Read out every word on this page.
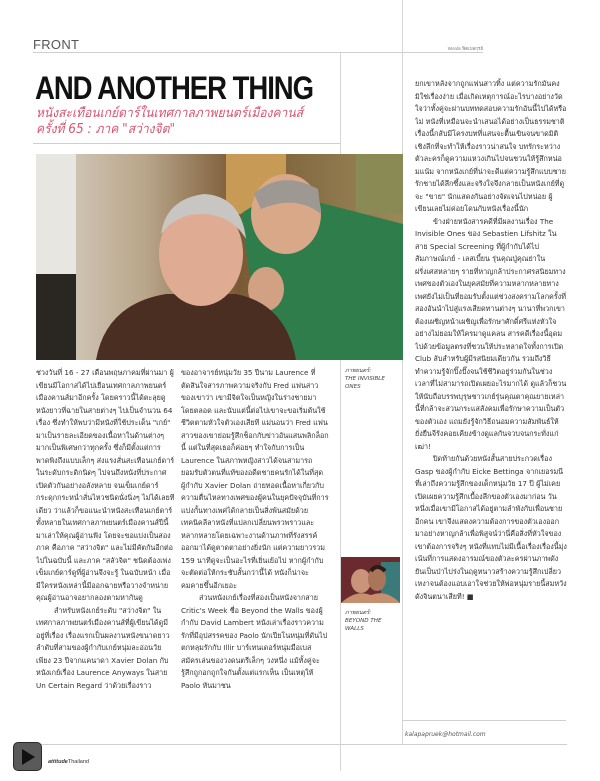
FRONT	Words ฟิตเปลกุรย์
AND ANOTHER THING
หนังสะเทือนเกย์ดาร์ในเทศกาลภาพยนตร์เมืองคานส์
ครั้งที่ 65 : ภาค "สว่างจิต"
ภาพยนตร์:
THE INVISIBLE ONES
ภาพยนตร์:
BEYOND THE WALLS

ช่วงวันที่ 16 - 27 เดือนพฤษภาคมที่ผ่านมา ผู้เขียนมีโอกาสได้ไปเยือนเทศกาลภาพยนตร์เมืองคานส์มาอีกครั้ง โดยคราวนี้ได้ตะลุยดูหนังยาวที่ฉายในสายต่างๆ ไปเป็นจำนวน 64 เรื่อง ซึ่งทำให้พบว่ามีหนังที่ใช้ประเด็น "เกย์" มาเป็นรายละเอียดของเนื้อหาในด้านต่างๆ มากเป็นพิเศษกว่าทุกครั้ง ซึ่งก็มีตั้งแต่การพาดพิงถึงแบบเล็กๆ ส่งแรงสั่นสะเทือนเกย์ดาร์ในระดับกระดิกนิดๆ ไปจนถึงหนังที่ประกาศเปิดตัวกันอย่างอลังหลาย จนเข็มเกย์ดาร์กระดุกกระหน่ำสั่นไหวชนิดนั่งนิ่งๆ ไม่ได้เลยทีเดียว ว่าแล้วก็ขอแนะนำหนังสะเทือนเกย์ดาร์ทั้งหลายในเทศกาลภาพยนตร์เมืองคานส์ปีนี้มาเล่าให้คุณผู้อ่านฟัง โดยจะขอแบ่งเป็นสองภาค คือภาค "สว่างจิต" และไม่มีคัตกันอีกต่อไปในฉบับนี้ และภาค "สลัวจิต" ชนิดต้องเพ่งเข็มเกย์ดาร์ดูที่ผู้อ่านจึงจะรู้ ในฉบับหน้า เมื่อมีใครหนังเหล่านี้มีออกฉายหรือวางจำหน่าย คุณผู้อ่านอาจอยากลองตามหากันดู

สำหรับหนังเกย์ระดับ "สว่างจิต" ในเทศกาลภาพยนตร์เมืองคานส์ที่ผู้เขียนได้ดูมีอยู่ที่เรื่อง เรื่องแรกเป็นผลงานหนังขนาดยาวลำดับที่สามของผู้กำกับเกย์หนุ่มละอ่อนวัยเพียง 23 ปีจากแคนาดา Xavier Dolan กับหนังเกย์เรื่อง Laurence Anyways ในสาย Un Certain Regard ว่าด้วยเรื่องราว

ของอาจารย์หนุ่มวัย 35 ปีนาม Laurence ที่ตัดสินใจสารภาพความจริงกับ Fred แฟนสาวของเขาว่า เขามีจิตใจเป็นหญิงในร่างชายมาโดยตลอด และนับแต่นี้ต่อไปเขาจะขอเริ่มต้นใช้ชีวิตตามหัวใจตัวเองเสียที แม่นอนว่า Fred แฟนสาวของเขาย่อมรู้สึกช็อกกับข่าวอันแสนพลิกล็อกนี้ แต่ในที่สุดเธอก็ค่อยๆ ทำใจกับการเป็น Laurence ในสภาพหญิงสาวได้จนสามารถยอมรับตัวตนที่แท้ของอดีตชายคนรักได้ในที่สุด ผู้กำกับ Xavier Dolan ถ่ายทอดเนื้อหาเกี่ยวกับความตื่นไหลทางเพศของผู้คนในยุคปัจจุบันที่การแบ่งกั้นทางเพศได้กลายเป็นสิ่งพ้นสมัยด้วยเทคนิคลีลาหนังที่แปลกเปลี่ยนพรวพราวและหลากหลายโดยเฉพาะงานด้านภาพที่รังสรรค์ออกมาได้ดูตาดตาอย่างยิ่งนัก แต่ความยาวรวม 159 นาทีดูจะเป็นอะไรที่เยิ่นเย้อไป หากผู้กำกับจะตัดต่อให้กระชับสั้นกว่านี้ได้ หนังก็น่าจะคมคายขึ้นอีกเยอะ

ส่วนหนังเกย์เรื่องที่สองเป็นหนังจากสาย Critic's Week ชื่อ Beyond the Walls ของผู้กำกับ David Lambert หนังเล่าเรื่องราวความรักที่มีอุปสรรคของ Paolo นักเปียโนหนุ่มที่ดันไปตกหลุมรักกับ Illir บาร์เทนเดอร์หนุ่มมือเบสสมัครเล่นของวงดนตรีเล็กๆ วงหนึ่ง แม้ทั้งคู่จะรู้สึกถูกอกถูกใจกันตั้งแต่แรกเห็น เป็นเหตุให้ Paolo หันมาชน

ยกเขาหลังจากถูกแฟนสาวทิ้ง แต่ความรักมันคงมิใช่เรื่องง่าย เมื่อเกิดเหตุการณ์อะไรบางอย่างวัดใจว่าทั้งคู่จะผ่านบททดสอบความรักอันนี้ไปได้หรือไม่ หนังที่เหมือนจะนำเสนอได้อย่างเป็นธรรมชาติเรื่องนี้กลับมีโครงบทที่แสนจะตื้นเขินจนขาดมิติเชิงลึกที่จะทำให้เรื่องราวน่าสนใจ บทรักระหว่างตัวละครก็ดูความแหวงเกินไปจนชวนให้รู้สึกหน่อมแน้ม จากหนังเกย์ที่น่าจะดีแต่ความรู้สึกแบบชายรักชายได้ลึกซึ้งและจริงใจจึงกลายเป็นหนังเกย์ที่ดูจะ "ขาย" นักแสดงกันอย่างจัดเจนไปหน่อย ผู้เขียนเลยไม่ค่อยโดนกับหนังเรื่องนี้นัก

ข้างฝ่ายหนังสารคดีที่มีผลงานเรื่อง The Invisible Ones ของ Sebastien Lifshitz ในสาย Special Screening ที่ผู้กำกับได้ไปสัมภาษณ์เกย์ - เลสเบี้ยน รุ่นคุณปู่คุณย่าในฝรั่งเศสหลายๆ รายที่หาญกล้าประกาศรสนิยมทางเพศของตัวเองในยุคสมัยที่ความหลากหลายทางเพศยังไม่เป็นที่ยอมรับตั้งแต่ช่วงสงครามโลกครั้งที่สองอันนำไปสู่แรงเสียดทานต่างๆ นานาที่พวกเขาต้องเผชิญหน้าเผชิญเพื่อรักษาศักดิ์ศรีแห่งหัวใจอย่างไม่ยอมให้ใครมาดูแคลน สารคดีเรื่องนี้อุดมไปด้วยข้อมูลตรงที่ชวนให้ประหลาดใจทั้งการเปิด Club ลับสำหรับผู้มีรสนิยมเดียวกัน รวมถึงวิธีทำความรู้จักปิ๊งปั๊งจนใช้ชีวิตอยู่ร่วมกันในช่วงเวลาที่ไม่สามารถเปิดเผยอะไรมากได้ ดูแล้วก็ชวนให้นับถือบรรพบุรุษชาวเกย์รุ่นคุณตาคุณยายเหล่านี้ที่กล้าจะสวนกระแสสังคมเพื่อรักษาความเป็นตัวของตัวเอง แถมยังรู้จักวิธีถนอมความสัมพันธ์ให้ยั่งยืนจีรังคอยเคียงข้างดูแลกันจวบจนกระทั่งแก่เฒ่า!

ปิดท้ายกันด้วยหนังสั้นสายประกวดเรื่อง Gasp ของผู้กำกับ Eicke Bettinga จากเยอรมนี ที่เล่าถึงความรู้สึกของเด็กหนุ่มวัย 17 ปี ผู้ไม่เคยเปิดเผยความรู้สึกเบื้องลึกของตัวเองมาก่อน วันหนึ่งเมื่อเขามีโอกาสได้อยู่ตามลำพังกับเพื่อนชายอีกคน เขาจึงแสดงความต้องการของตัวเองออกมาอย่างหาญกล้าเพื่อพิสูจน์ว่านี่คือสิ่งที่หัวใจของเขาต้องการจริงๆ หนังที่แทบไม่มีเนื้อเรื่องเรื่องนี้มุ่งเน้นที่การแสดงอารมณ์ของตัวละครผ่านภาพดังยันเป็นป่าไปร่งในฤดูหนาวสร้างความรู้สึกเปลี่ยวเหงาจนต้องแอบเอาใจช่วยให้พ่อหนุ่มรายนี้สมหวังดังจินตนาเสียที! ■

kalapapruek@hotmail.com
attitudeThailand
